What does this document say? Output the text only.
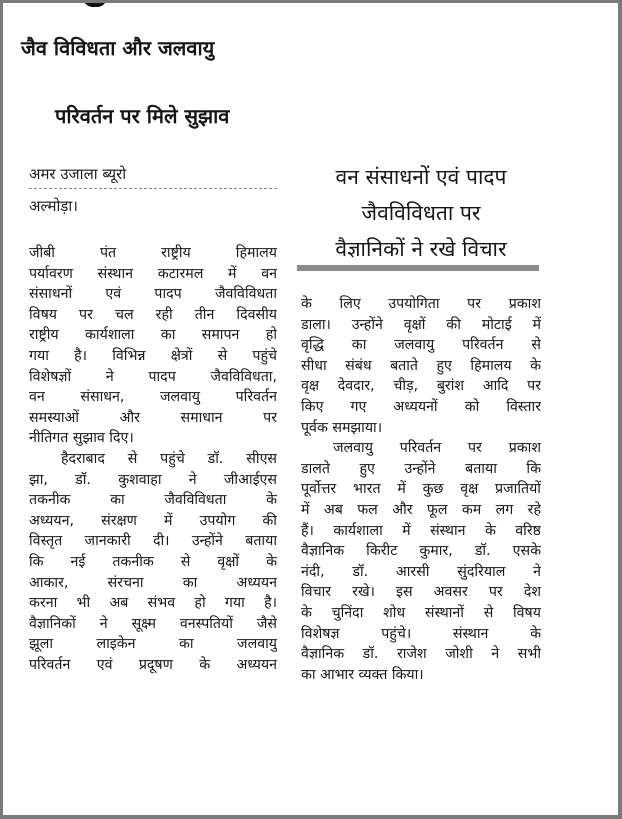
जैव विविधता और जलवायु
परिवर्तन पर मिले सुझाव
अमर उजाला ब्यूरो
अल्मोड़ा।
वन संसाधनों एवं पादप
जैवविविधता पर
वैज्ञानिकों ने रखे विचार
जीबी पंत राष्ट्रीय हिमालय
पर्यावरण संस्थान कटारमल में वन
संसाधनों एवं पादप जैवविविधता
विषय पर चल रही तीन दिवसीय
राष्ट्रीय कार्यशाला का समापन हो
गया है। विभिन्न क्षेत्रों से पहुंचे
विशेषज्ञों ने पादप जैवविविधता,
वन संसाधन, जलवायु परिवर्तन
समस्याओं और समाधान पर
नीतिगत सुझाव दिए।
हैदराबाद से पहुंचे डॉ. सीएस
झा, डॉ. कुशवाहा ने जीआईएस
तकनीक का जैवविविधता के
अध्ययन, संरक्षण में उपयोग की
विस्तृत जानकारी दी। उन्होंने बताया
कि नई तकनीक से वृक्षों के
आकार, संरचना का अध्ययन
करना भी अब संभव हो गया है।
वैज्ञानिकों ने सूक्ष्म वनस्पतियों जैसे
झूला लाइकेन का जलवायु
परिवर्तन एवं प्रदूषण के अध्ययन
के लिए उपयोगिता पर प्रकाश
डाला। उन्होंने वृक्षों की मोटाई में
वृद्धि का जलवायु परिवर्तन से
सीधा संबंध बताते हुए हिमालय के
वृक्ष देवदार, चीड़, बुरांश आदि पर
किए गए अध्ययनों को विस्तार
पूर्वक समझाया।
जलवायु परिवर्तन पर प्रकाश
डालते हुए उन्होंने बताया कि
पूर्वोत्तर भारत में कुछ वृक्ष प्रजातियों
में अब फल और फूल कम लग रहे
हैं। कार्यशाला में संस्थान के वरिष्ठ
वैज्ञानिक किरीट कुमार, डॉ. एसके
नंदी, डॉ. आरसी सुंदरियाल ने
विचार रखे। इस अवसर पर देश
के चुनिंदा शोध संस्थानों से विषय
विशेषज्ञ पहुंचे। संस्थान के
वैज्ञानिक डॉ. राजेश जोशी ने सभी
का आभार व्यक्त किया।
